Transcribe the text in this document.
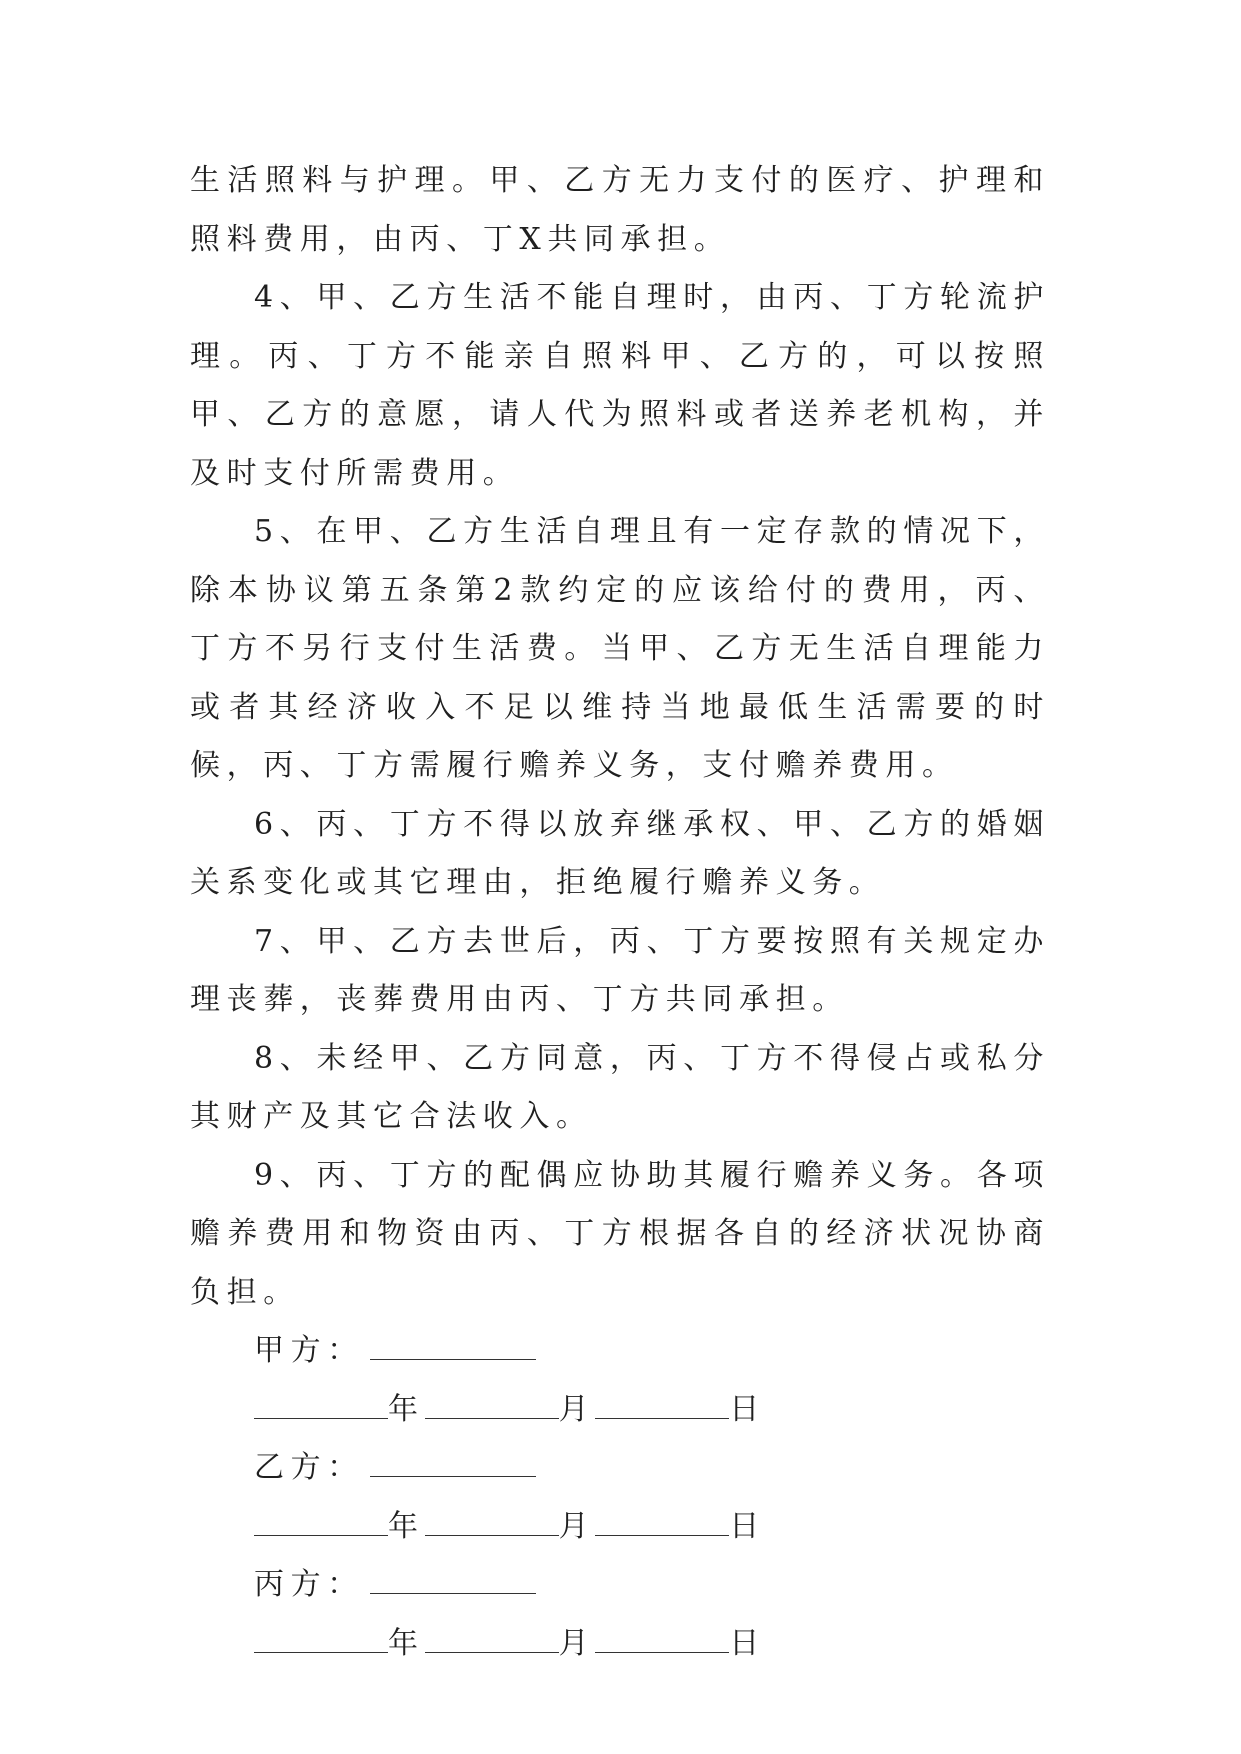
生活照料与护理。甲、乙方无力支付的医疗、护理和照料费用，由丙、丁X共同承担。

4、甲、乙方生活不能自理时，由丙、丁方轮流护理。丙、丁方不能亲自照料甲、乙方的，可以按照甲、乙方的意愿，请人代为照料或者送养老机构，并及时支付所需费用。

5、在甲、乙方生活自理且有一定存款的情况下，除本协议第五条第2款约定的应该给付的费用，丙、丁方不另行支付生活费。当甲、乙方无生活自理能力或者其经济收入不足以维持当地最低生活需要的时候，丙、丁方需履行赡养义务，支付赡养费用。

6、丙、丁方不得以放弃继承权、甲、乙方的婚姻关系变化或其它理由，拒绝履行赡养义务。

7、甲、乙方去世后，丙、丁方要按照有关规定办理丧葬，丧葬费用由丙、丁方共同承担。

8、未经甲、乙方同意，丙、丁方不得侵占或私分其财产及其它合法收入。

9、丙、丁方的配偶应协助其履行赡养义务。各项赡养费用和物资由丙、丁方根据各自的经济状况协商负担。

甲方：
年	月	日
乙方：
年	月	日
丙方：
年	月	日
